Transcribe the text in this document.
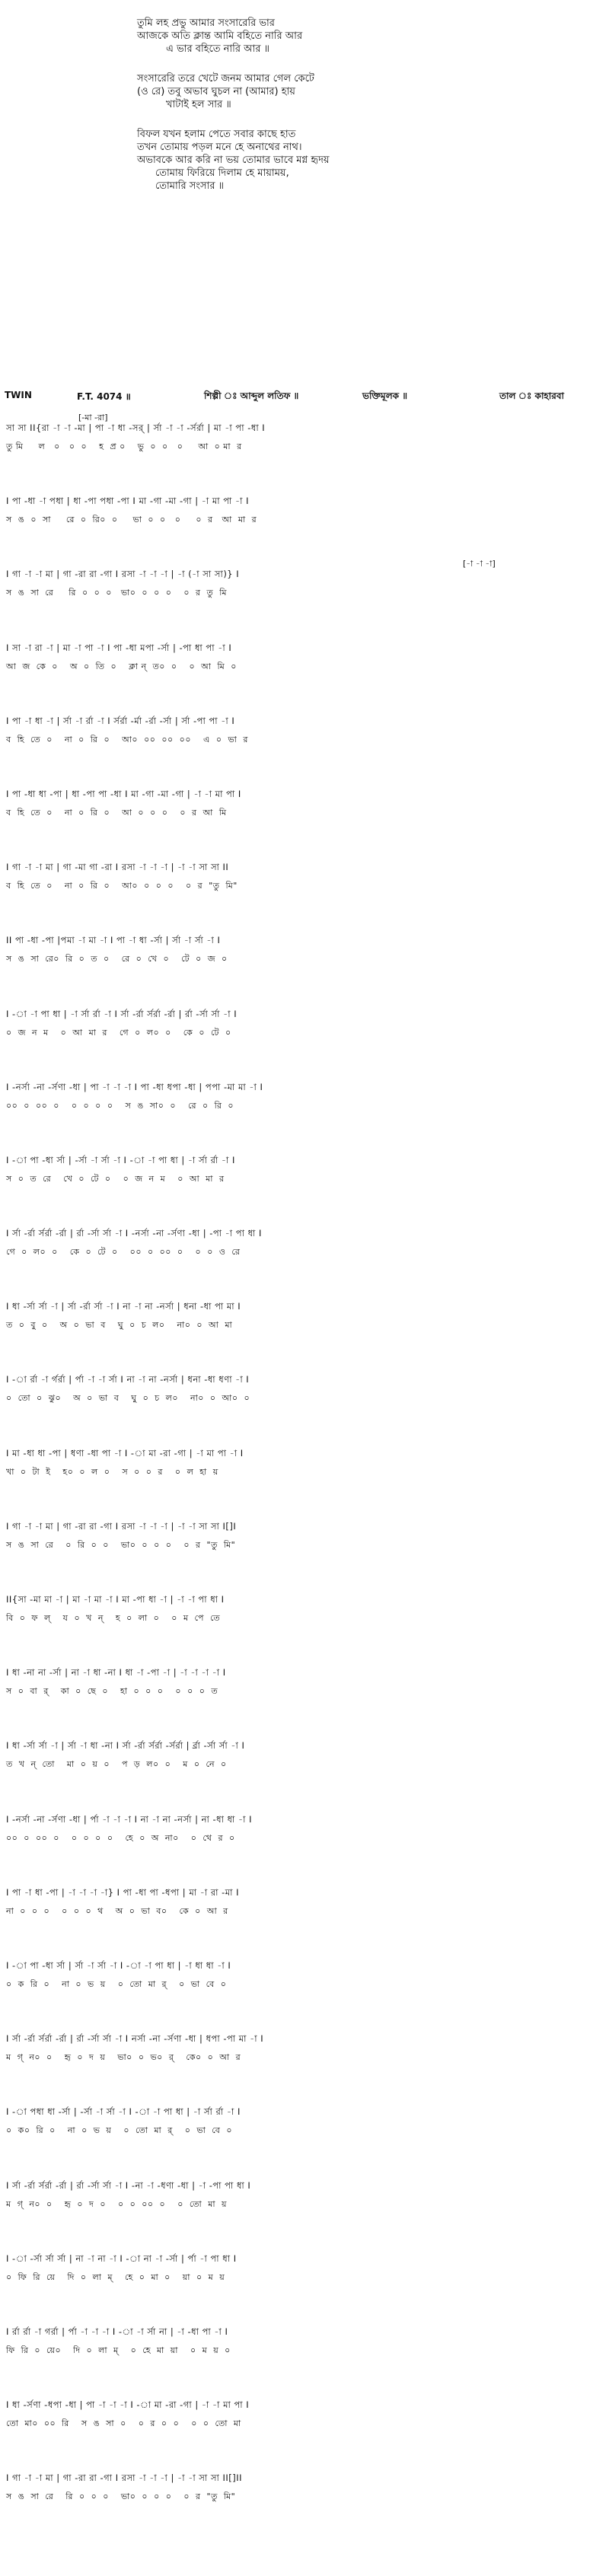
তুমি লহ প্রভু আমার সংসারেরি ভার
আজকে অতি ক্লান্ত আমি বহিতে নারি আর
এ ভার বহিতে নারি আর ॥
সংসারেরি তরে খেটে জনম আমার গেল কেটে
(ও রে) তবু অভাব ঘুচল না (আমার) হায়
খাটাই হল সার ॥
বিফল যখন হলাম পেতে সবার কাছে হাত
তখন তোমায় পড়ল মনে হে অনাথের নাথ।
অভাবকে আর করি না ভয় তোমার ভাবে মগ্ন হৃদয়
তোমায় ফিরিয়ে দিলাম হে মায়াময়,
তোমারি সংসার ॥
TWIN	F.T. 4074 ॥	শিল্পী ঃ আব্দুল লতিফ ॥	ভক্তিমূলক ॥	তাল ঃ কাহারবা
[-মা -রা]
সা সা II{রা -া -া -মা | পা -া ধা -সর্ | র্সা -া -া -র্সর্রা | মা -া পা -ধা I
তু মি     ল   ০   ০  ০    হ  প্র ০    ভু  ০  ০   ০     আ  ০ মা  র
I পা -ধা -া পধা | ধা -পা পধা -পা I মা -গা -মা -গা | -া মা পা -া I
স  ঙ  ০  সা     রে  ০  রি০  ০     ভা  ০  ০   ০     ০  র   আ  মা  র
[-া -া -া]
I গা -া -া মা | গা -রা রা -গা I রসা -া -া -া | -া (-া সা সা)} I
স  ঙ  সা  রে     রি  ০  ০  ০   ভা০  ০  ০  ০    ০  র  তু  মি
I সা -া রা -া | মা -া পা -া I পা -ধা মপা -র্সা | -পা ধা পা -া I
আ  জ  কে  ০    অ  ০  তি  ০    ক্লা ন্  ত০  ০    ০  আ  মি  ০
I পা -া ধা -া | র্সা -া র্রা -া I র্সর্রা -র্মা -র্রা -র্সা | র্সা -পা পা -া I
ব  হি  তে  ০    না  ০  রি  ০    আ০  ০০  ০০  ০০    এ  ০  ভা  র
I পা -ধা ধা -পা | ধা -পা পা -ধা I মা -গা -মা -গা | -া -া মা পা I
ব  হি  তে  ০    না  ০  রি  ০    আ  ০  ০  ০    ০  র  আ  মি
I গা -া -া মা | গা -মা গা -রা I রসা -া -া -া | -া -া সা সা II
ব  হি  তে  ০    না  ০  রি  ০    আ০  ০  ০  ০    ০  র  "তু  মি"
II পা -ধা -পা |পমা -া মা -া I পা -া ধা -র্সা | র্সা -া র্সা -া I
স  ঙ  সা  রে০  রি  ০  ত  ০    রে  ০  খে  ০    টে  ০  জ  ০
I -া -া পা ধা | -া র্সা র্রা -া I র্সা -র্রা র্সর্রা -র্রা | র্রা -র্সা র্সা -া I
০  জ  ন  ম    ০  আ  মা  র    গে  ০  ল০  ০    কে  ০  টে  ০
I -নর্সা -না -র্সণা -ধা | পা -া -া -া I পা -ধা ধপা -ধা | পপা -মা মা -া I
০০  ০  ০০  ০    ০  ০  ০  ০    স  ঙ  সা০  ০    রে  ০  রি  ০
I -া পা -ধা র্সা | -র্সা -া র্সা -া I -া -া পা ধা | -া র্সা র্রা -া I
স  ০  ত  রে    খে  ০  টে  ০    ০  জ  ন  ম    ০  আ  মা  র
I র্সা -র্রা র্সর্রা -র্রা | র্রা -র্সা র্সা -া I -নর্সা -না -র্সণা -ধা | -পা -া পা ধা I
গে  ০  ল০  ০    কে  ০  টে  ০    ০০  ০  ০০  ০    ০  ০  ও  রে
I ধা -র্সা র্সা -া | র্সা -র্রা র্সা -া I না -া না -নর্সা | ধনা -ধা পা মা I
ত  ০  বু  ০    অ  ০  ভা  ব    ঘু  ০  চ  ল০    না০  ০  আ  মা
I -া র্রা -া র্গর্রা | র্পা -া -া র্সা I না -া না -নর্সা | ধনা -ধা ধণা -া I
০  তো  ০  ঝু০    অ  ০  ভা  ব    ঘু  ০  চ  ল০    না০  ০  আ০  ০
I মা -ধা ধা -পা | ধণা -ধা পা -া I -া মা -রা -গা | -া মা পা -া I
খা  ০  টা  ই    হ০  ০  ল  ০    স  ০  ০  র    ০  ল  হা  য়
I গা -া -া মা | গা -রা রা -গা I রসা -া -া -া | -া -া সা সা I[]I
স  ঙ  সা  রে    ০  রি  ০  ০    ভা০  ০  ০  ০    ০  র  "তু  মি"
II{সা -মা মা -া | মা -া মা -া I মা -পা ধা -া | -া -া পা ধা I
বি  ০  ফ  ল্    য  ০  খ  ন্    হ  ০  লা  ০    ০  ম  পে  তে
I ধা -না না -র্সা | না -া ধা -না I ধা -া -পা -া | -া -া -া -া I
স  ০  বা  র্    কা  ০  ছে  ০    হা  ০  ০  ০    ০  ০  ০  ত
I ধা -র্সা র্সা -া | র্সা -া ধা -না I র্সা -র্রা র্সর্রা -র্সর্রা | র্র্রা -র্সা র্সা -া I
ত  খ  ন্  তো    মা  ০  য়  ০    প  ড়  ল০  ০    ম  ০  নে  ০
I -নর্সা -না -র্সণা -ধা | র্পা -া -া -া I না -া না -নর্সা | না -ধা ধা -া I
০০  ০  ০০  ০    ০  ০  ০  ০    হে  ০  অ  না০    ০  থে  র  ০
I পা -া ধা -পা | -া -া -া -া} I পা -ধা পা -ধপা | মা -া রা -মা I
না  ০  ০  ০    ০  ০  ০  থ    অ  ০  ভা  ব০    কে  ০  আ  র
I -া পা -ধা র্সা | র্সা -া র্সা -া I -া -া পা ধা | -া ধা ধা -া I
০  ক  রি  ০    না  ০  ভ  য়    ০  তো  মা  র্    ০  ভা  বে  ০
I র্সা -র্রা র্সর্রা -র্রা | র্রা -র্সা র্সা -া I নর্সা -না -র্সণা -ধা | ধপা -পা মা -া I
ম  গ্  ন০  ০    হৃ  ০  দ  য়    ভা০  ০  ভ০  র্    কে০  ০  আ  র
I -া পধা ধা -র্সা | -র্সা -া র্সা -া I -া -া পা ধা | -া র্সা র্রা -া I
০  ক০  রি  ০    না  ০  ভ  য়    ০  তো  মা  র্    ০  ভা  বে  ০
I র্সা -র্রা র্সর্রা -র্রা | র্রা -র্সা র্সা -া I -না -া -ধণা -ধা | -া -পা পা ধা I
ম  গ্  ন০  ০    হৃ  ০  দ  ০    ০  ০  ০০  ০    ০  তো  মা  য়
I -া -র্সা র্সা র্সা | না -া না -া I -া না -া -র্সা | র্পা -া পা ধা I
০  ফি  রি  য়ে    দি  ০  লা  ম্    হে  ০  মা  ০    য়া  ০  ম  য়
I র্রা র্রা -া গর্রা | র্পা -া -া -া I -া -া র্সা না | -া -ধা পা -া I
ফি  রি  ০  য়ে০    দি  ০  লা  ম্    ০  হে  মা  য়া    ০  ম  য়  ০
I ধা -র্সণা -ধপা -ধা | পা -া -া -া I -া মা -রা -গা | -া -া মা পা I
তো  মা০  ০০  রি    স  ঙ  সা  ০    ০  র  ০  ০    ০  ০  তো  মা
I গা -া -া মা | গা -রা রা -গা I রসা -া -া -া | -া -া সা সা II[]II
স  ঙ  সা  রে    রি  ০  ০  ০    ভা০  ০  ০  ০    ০  র  "তু  মি"
